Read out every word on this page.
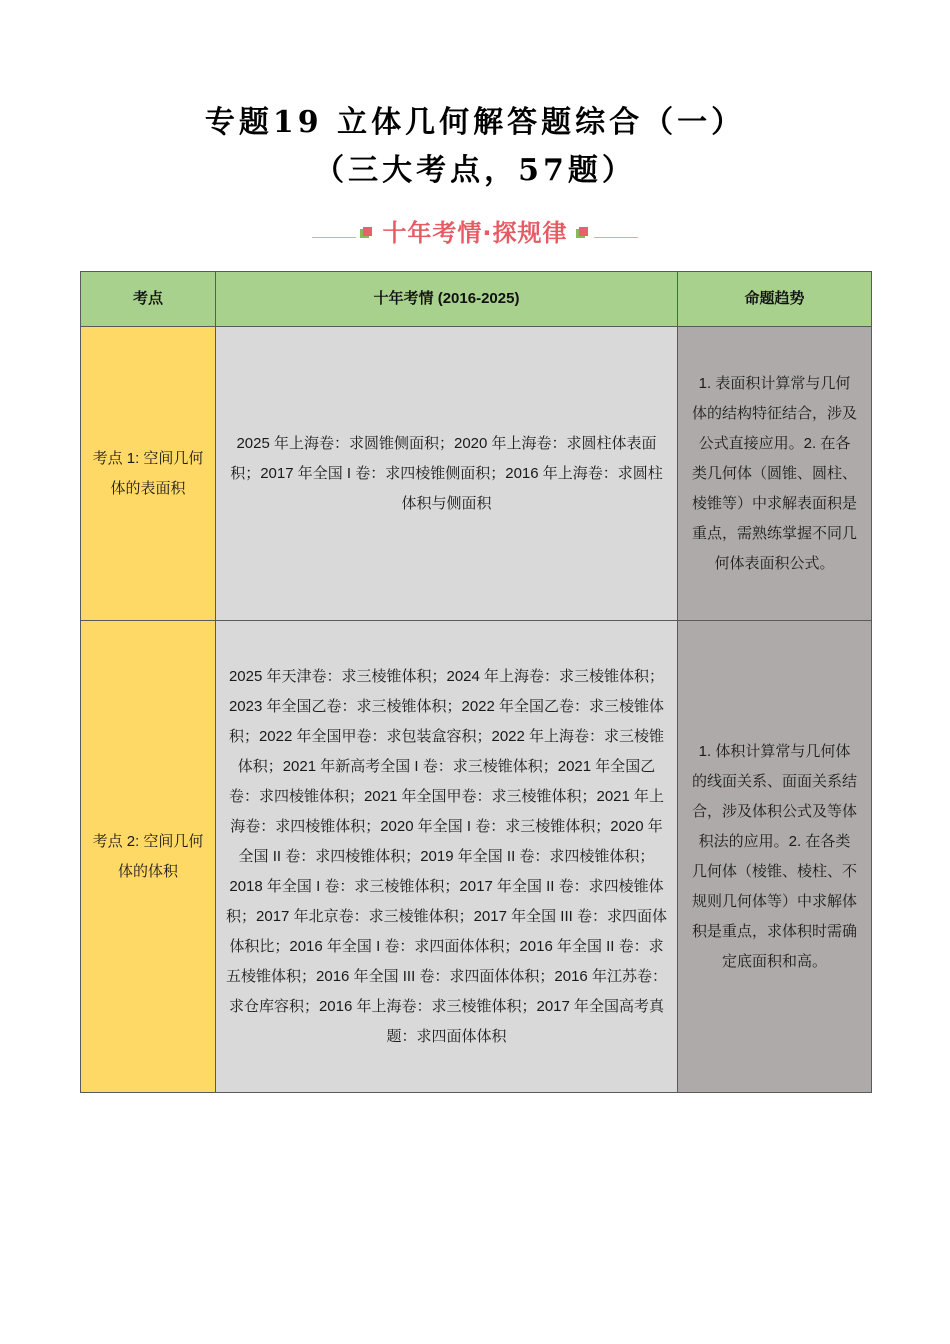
专题19 立体几何解答题综合（一）
（三大考点，57题）
十年考情·探规律
考点	十年考情 (2016-2025)	命题趋势
考点 1: 空间几何体的表面积	2025 年上海卷：求圆锥侧面积；2020 年上海卷：求圆柱体表面积；2017 年全国 I 卷：求四棱锥侧面积；2016 年上海卷：求圆柱体积与侧面积	1. 表面积计算常与几何体的结构特征结合，涉及公式直接应用。2. 在各类几何体（圆锥、圆柱、棱锥等）中求解表面积是重点，需熟练掌握不同几何体表面积公式。
考点 2: 空间几何体的体积	2025 年天津卷：求三棱锥体积；2024 年上海卷：求三棱锥体积；2023 年全国乙卷：求三棱锥体积；2022 年全国乙卷：求三棱锥体积；2022 年全国甲卷：求包装盒容积；2022 年上海卷：求三棱锥体积；2021 年新高考全国 I 卷：求三棱锥体积；2021 年全国乙卷：求四棱锥体积；2021 年全国甲卷：求三棱锥体积；2021 年上海卷：求四棱锥体积；2020 年全国 I 卷：求三棱锥体积；2020 年全国 II 卷：求四棱锥体积；2019 年全国 II 卷：求四棱锥体积；2018 年全国 I 卷：求三棱锥体积；2017 年全国 II 卷：求四棱锥体积；2017 年北京卷：求三棱锥体积；2017 年全国 III 卷：求四面体体积比；2016 年全国 I 卷：求四面体体积；2016 年全国 II 卷：求五棱锥体积；2016 年全国 III 卷：求四面体体积；2016 年江苏卷：求仓库容积；2016 年上海卷：求三棱锥体积；2017 年全国高考真题：求四面体体积	1. 体积计算常与几何体的线面关系、面面关系结合，涉及体积公式及等体积法的应用。2. 在各类几何体（棱锥、棱柱、不规则几何体等）中求解体积是重点，求体积时需确定底面积和高。
